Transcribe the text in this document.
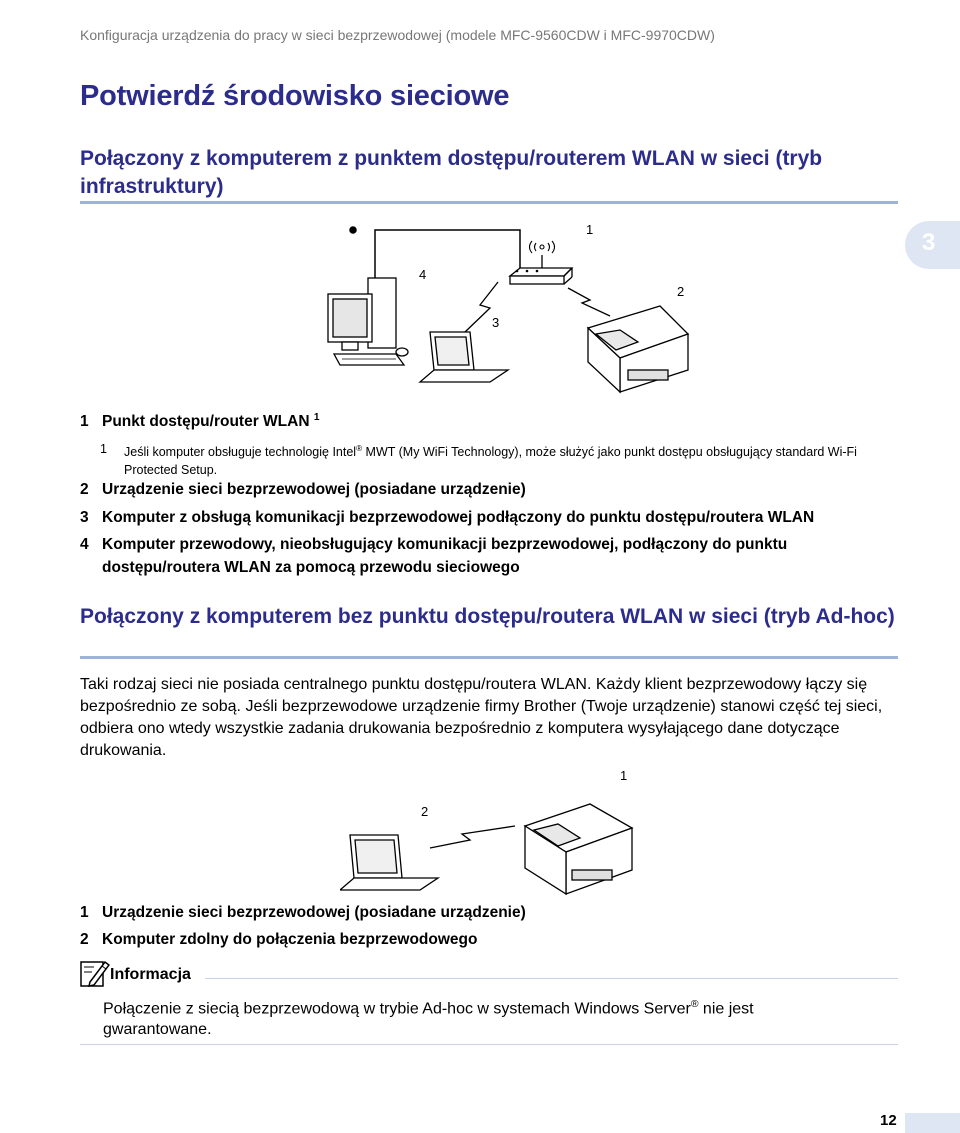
Konfiguracja urządzenia do pracy w sieci bezprzewodowej (modele MFC-9560CDW i MFC-9970CDW)
3
Potwierdź środowisko sieciowe
Połączony z komputerem z punktem dostępu/routerem WLAN w sieci (tryb infrastruktury)
1
2
3
4
1 Punkt dostępu/router WLAN $^1$
1 Jeśli komputer obsługuje technologię Intel® MWT (My WiFi Technology), może służyć jako punkt dostępu obsługujący standard Wi-Fi Protected Setup.
2 Urządzenie sieci bezprzewodowej (posiadane urządzenie)
3 Komputer z obsługą komunikacji bezprzewodowej podłączony do punktu dostępu/routera WLAN
4 Komputer przewodowy, nieobsługujący komunikacji bezprzewodowej, podłączony do punktu dostępu/routera WLAN za pomocą przewodu sieciowego
Połączony z komputerem bez punktu dostępu/routera WLAN w sieci (tryb Ad-hoc)
Taki rodzaj sieci nie posiada centralnego punktu dostępu/routera WLAN. Każdy klient bezprzewodowy łączy się bezpośrednio ze sobą. Jeśli bezprzewodowe urządzenie firmy Brother (Twoje urządzenie) stanowi część tej sieci, odbiera ono wtedy wszystkie zadania drukowania bezpośrednio z komputera wysyłającego dane dotyczące drukowania.
1
2
1 Urządzenie sieci bezprzewodowej (posiadane urządzenie)
2 Komputer zdolny do połączenia bezprzewodowego
Informacja
Połączenie z siecią bezprzewodową w trybie Ad-hoc w systemach Windows Server® nie jest gwarantowane.
12
